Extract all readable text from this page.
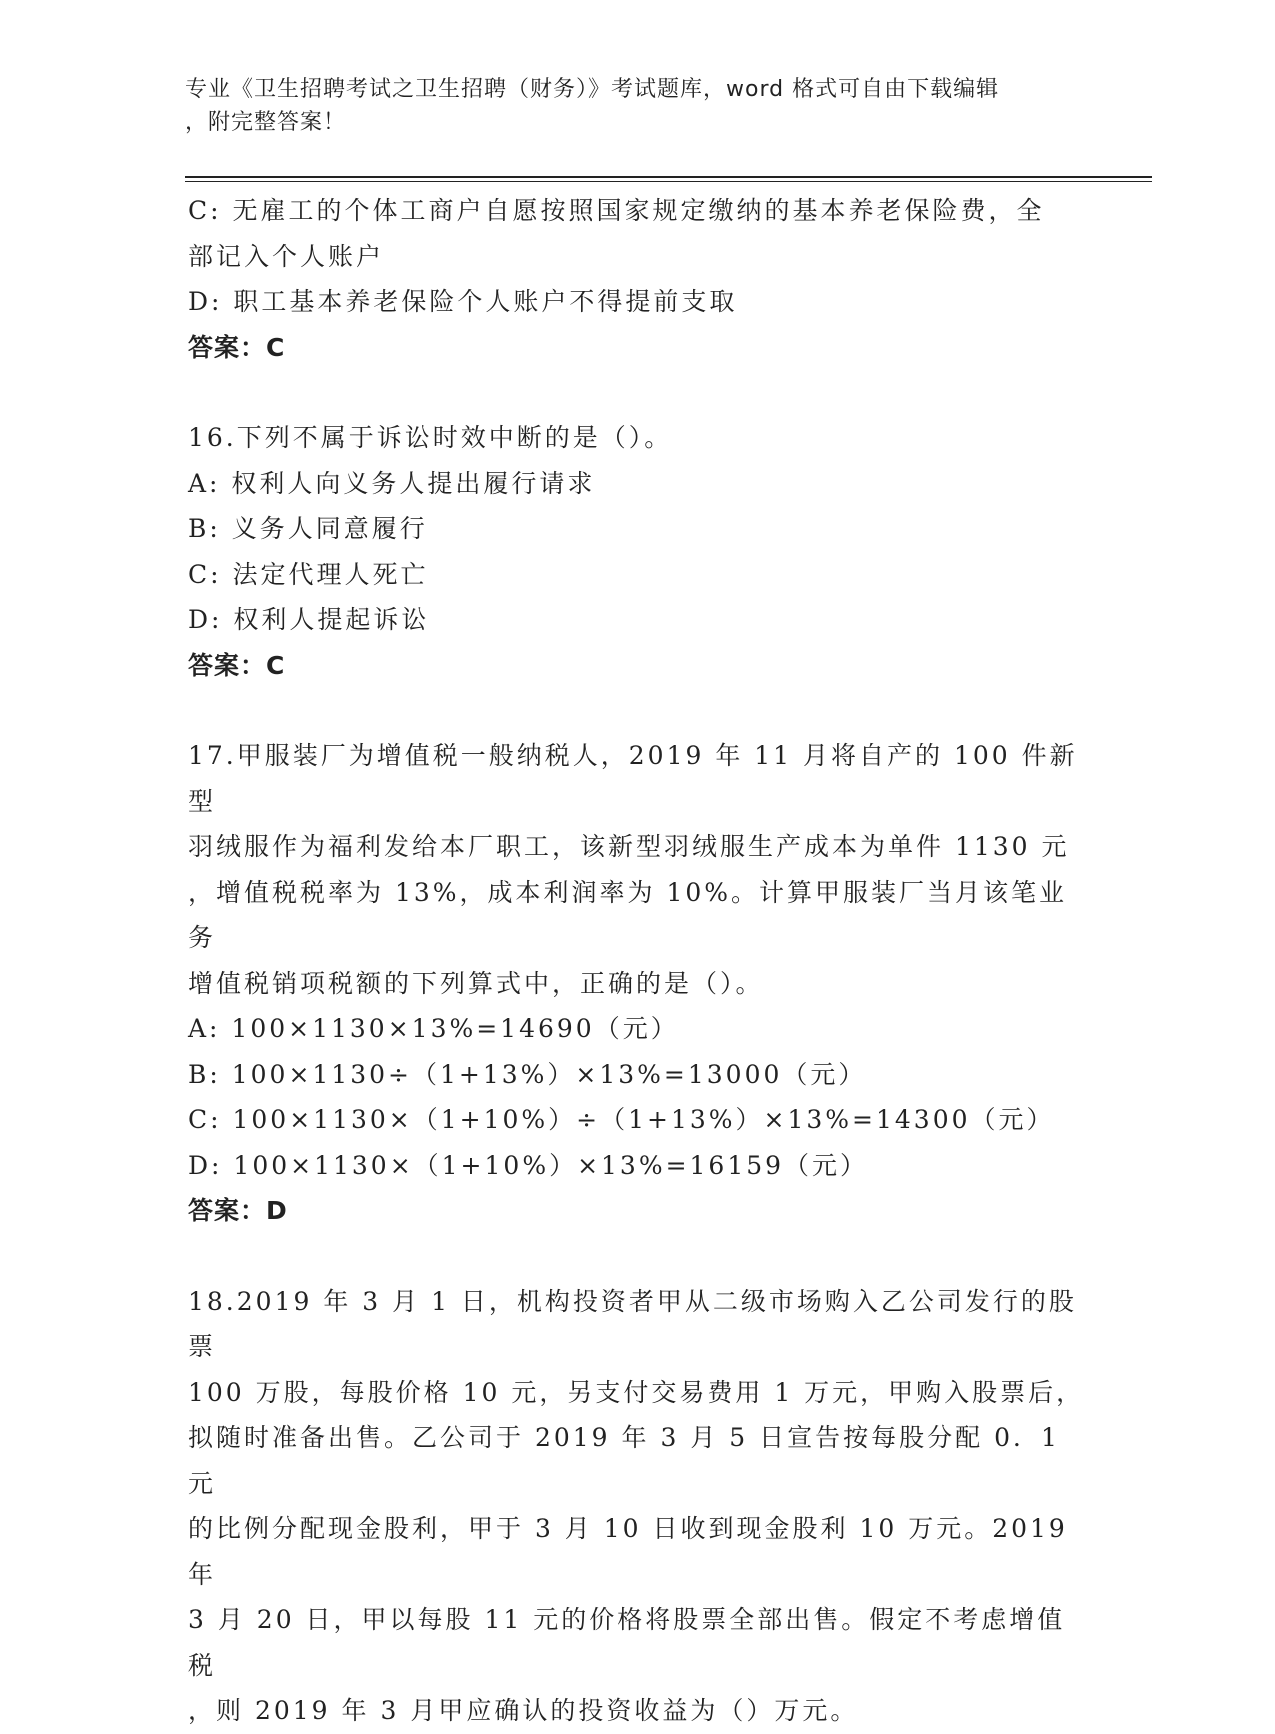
专业《卫生招聘考试之卫生招聘（财务）》考试题库，word 格式可自由下载编辑
，附完整答案！

C: 无雇工的个体工商户自愿按照国家规定缴纳的基本养老保险费，全

部记入个人账户

D: 职工基本养老保险个人账户不得提前支取

答案：C

16.下列不属于诉讼时效中断的是（）。

A: 权利人向义务人提出履行请求

B: 义务人同意履行

C: 法定代理人死亡

D: 权利人提起诉讼

答案：C

17.甲服装厂为增值税一般纳税人，2019 年 11 月将自产的 100 件新型

羽绒服作为福利发给本厂职工，该新型羽绒服生产成本为单件 1130 元

，增值税税率为 13%，成本利润率为 10%。计算甲服装厂当月该笔业务

增值税销项税额的下列算式中，正确的是（）。

A: 100×1130×13%=14690（元）

B: 100×1130÷（1+13%）×13%=13000（元）

C: 100×1130×（1+10%）÷（1+13%）×13%=14300（元）

D: 100×1130×（1+10%）×13%=16159（元）

答案：D

18.2019 年 3 月 1 日，机构投资者甲从二级市场购入乙公司发行的股票

100 万股，每股价格 10 元，另支付交易费用 1 万元，甲购入股票后，

拟随时准备出售。乙公司于 2019 年 3 月 5 日宣告按每股分配 0．1 元

的比例分配现金股利，甲于 3 月 10 日收到现金股利 10 万元。2019 年

3 月 20 日，甲以每股 11 元的价格将股票全部出售。假定不考虑增值税

，则 2019 年 3 月甲应确认的投资收益为（）万元。
